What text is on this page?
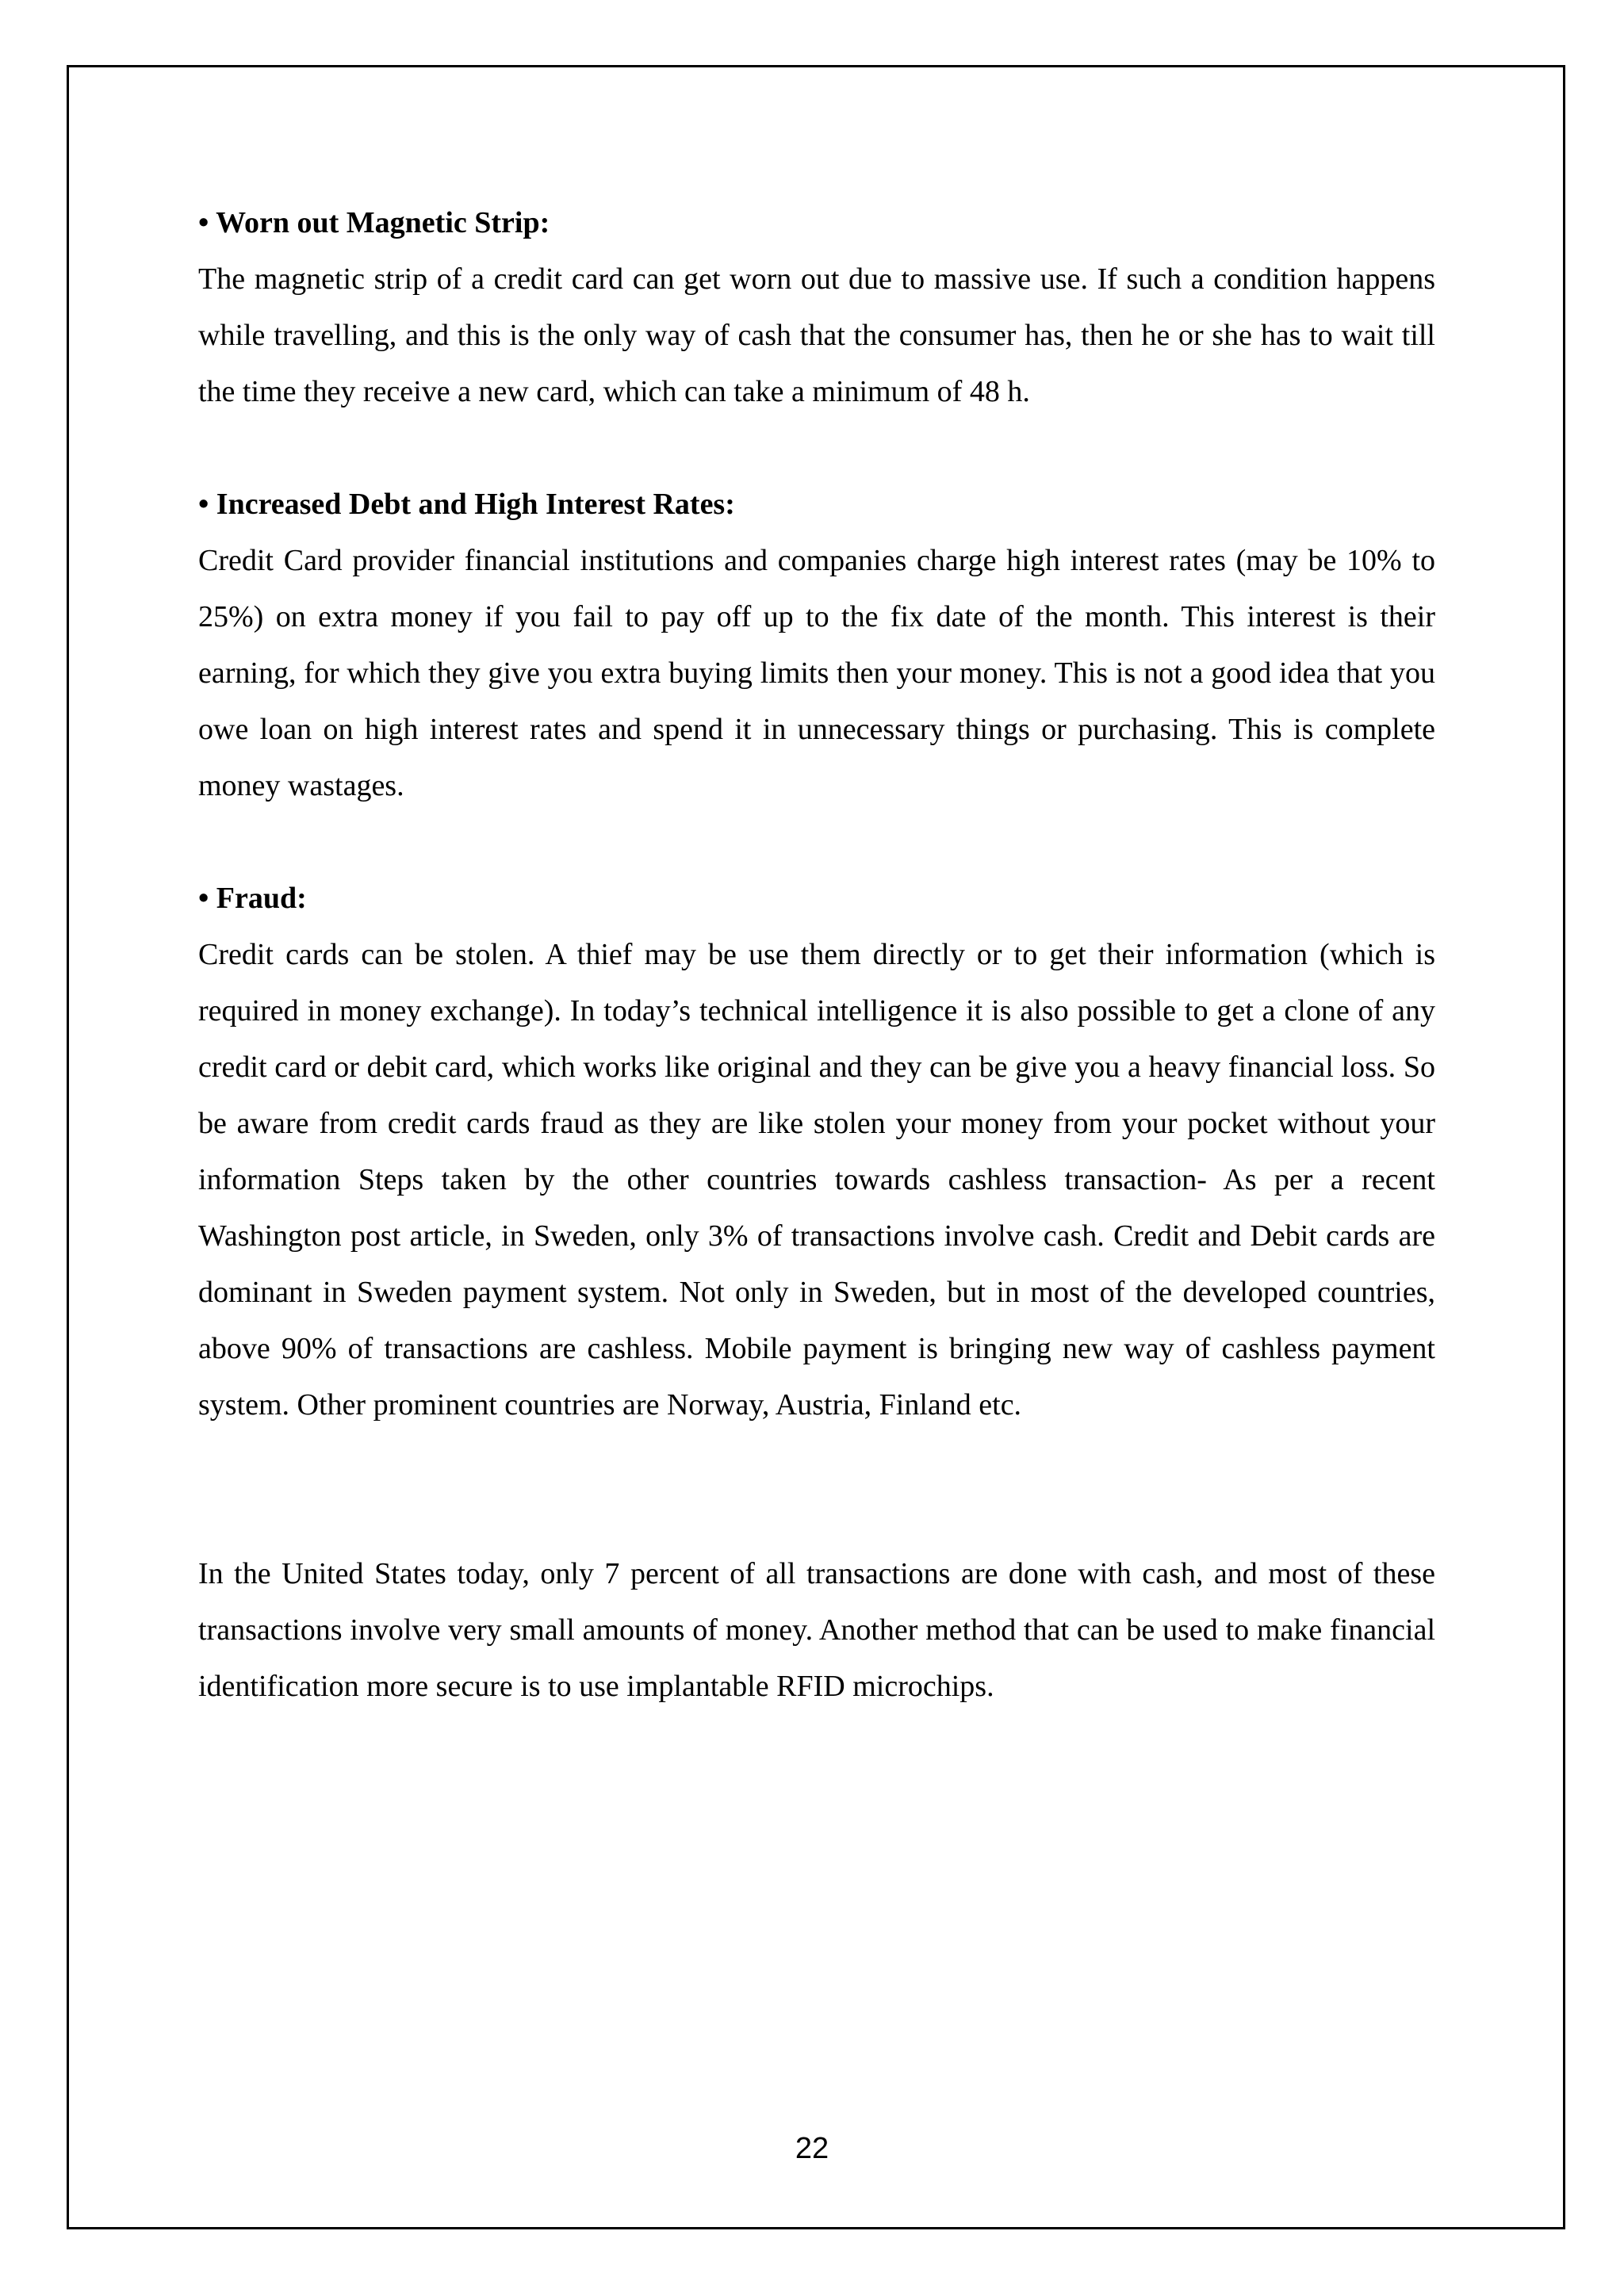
• Worn out Magnetic Strip:

The magnetic strip of a credit card can get worn out due to massive use. If such a condition happens while travelling, and this is the only way of cash that the consumer has, then he or she has to wait till the time they receive a new card, which can take a minimum of 48 h.

• Increased Debt and High Interest Rates:

Credit Card provider financial institutions and companies charge high interest rates (may be 10% to 25%) on extra money if you fail to pay off up to the fix date of the month. This interest is their earning, for which they give you extra buying limits then your money. This is not a good idea that you owe loan on high interest rates and spend it in unnecessary things or purchasing. This is complete money wastages.

• Fraud:

Credit cards can be stolen. A thief may be use them directly or to get their information (which is required in money exchange). In today’s technical intelligence it is also possible to get a clone of any credit card or debit card, which works like original and they can be give you a heavy financial loss. So be aware from credit cards fraud as they are like stolen your money from your pocket without your information Steps taken by the other countries towards cashless transaction- As per a recent Washington post article, in Sweden, only 3% of transactions involve cash. Credit and Debit cards are dominant in Sweden payment system. Not only in Sweden, but in most of the developed countries, above 90% of transactions are cashless. Mobile payment is bringing new way of cashless payment system. Other prominent countries are Norway, Austria, Finland etc.

In the United States today, only 7 percent of all transactions are done with cash, and most of these transactions involve very small amounts of money. Another method that can be used to make financial identification more secure is to use implantable RFID microchips.

22
